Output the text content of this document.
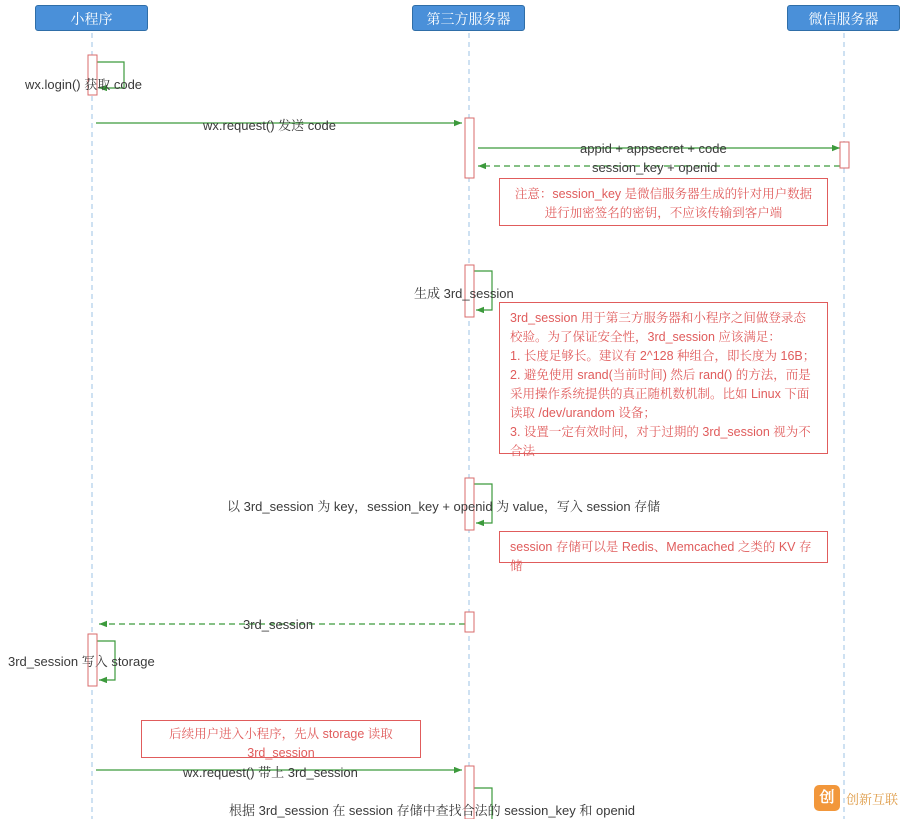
小程序	第三方服务器	微信服务器
wx.login() 获取 code
wx.request() 发送 code
appid + appsecret + code
session_key + openid
生成 3rd_session
以 3rd_session 为 key，session_key + openid 为 value，写入 session 存储
3rd_session
3rd_session 写入 storage
wx.request() 带上 3rd_session
根据 3rd_session 在 session 存储中查找合法的 session_key 和 openid
注意：session_key 是微信服务器生成的针对用户数据
进行加密签名的密钥，不应该传输到客户端
3rd_session 用于第三方服务器和小程序之间做登录态
校验。为了保证安全性，3rd_session 应该满足：
1. 长度足够长。建议有 2^128 种组合，即长度为 16B；
2. 避免使用 srand(当前时间) 然后 rand() 的方法，而是
采用操作系统提供的真正随机数机制。比如 Linux 下面
读取 /dev/urandom 设备；
3. 设置一定有效时间，对于过期的 3rd_session 视为不
合法
session 存储可以是 Redis、Memcached 之类的 KV 存储
后续用户进入小程序，先从 storage 读取
3rd_session
创 创新互联
